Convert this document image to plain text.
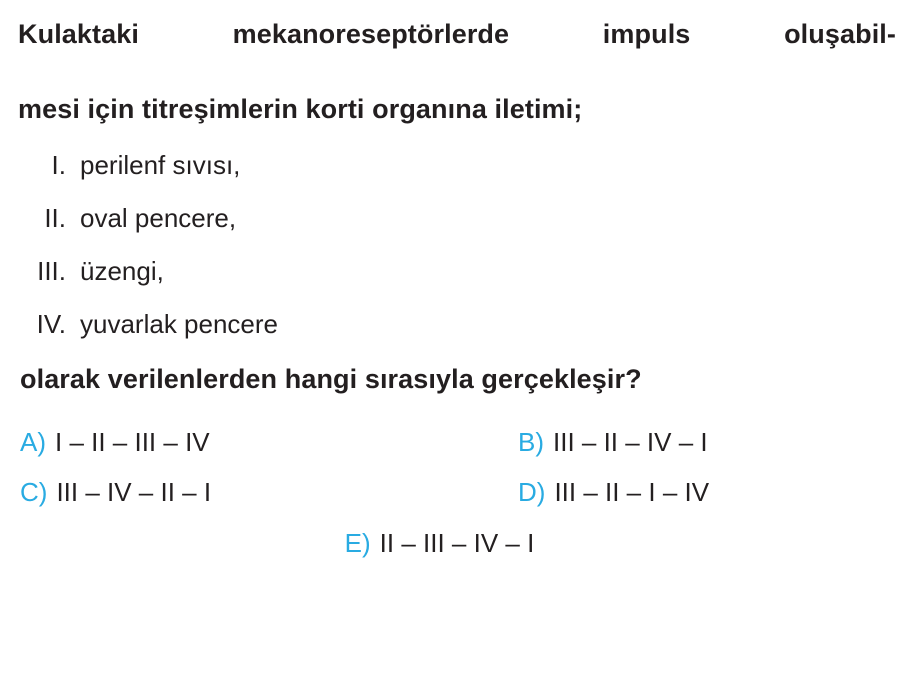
Kulaktaki mekanoreseptörlerde impuls oluşabil-
mesi için titreşimlerin korti organına iletimi;
I. perilenf sıvısı,
II. oval pencere,
III. üzengi,
IV. yuvarlak pencere
olarak verilenlerden hangi sırasıyla gerçekleşir?
A) I – II – III – IV	B) III – II – IV – I
C) III – IV – II – I	D) III – II – I – IV
E) II – III – IV – I
